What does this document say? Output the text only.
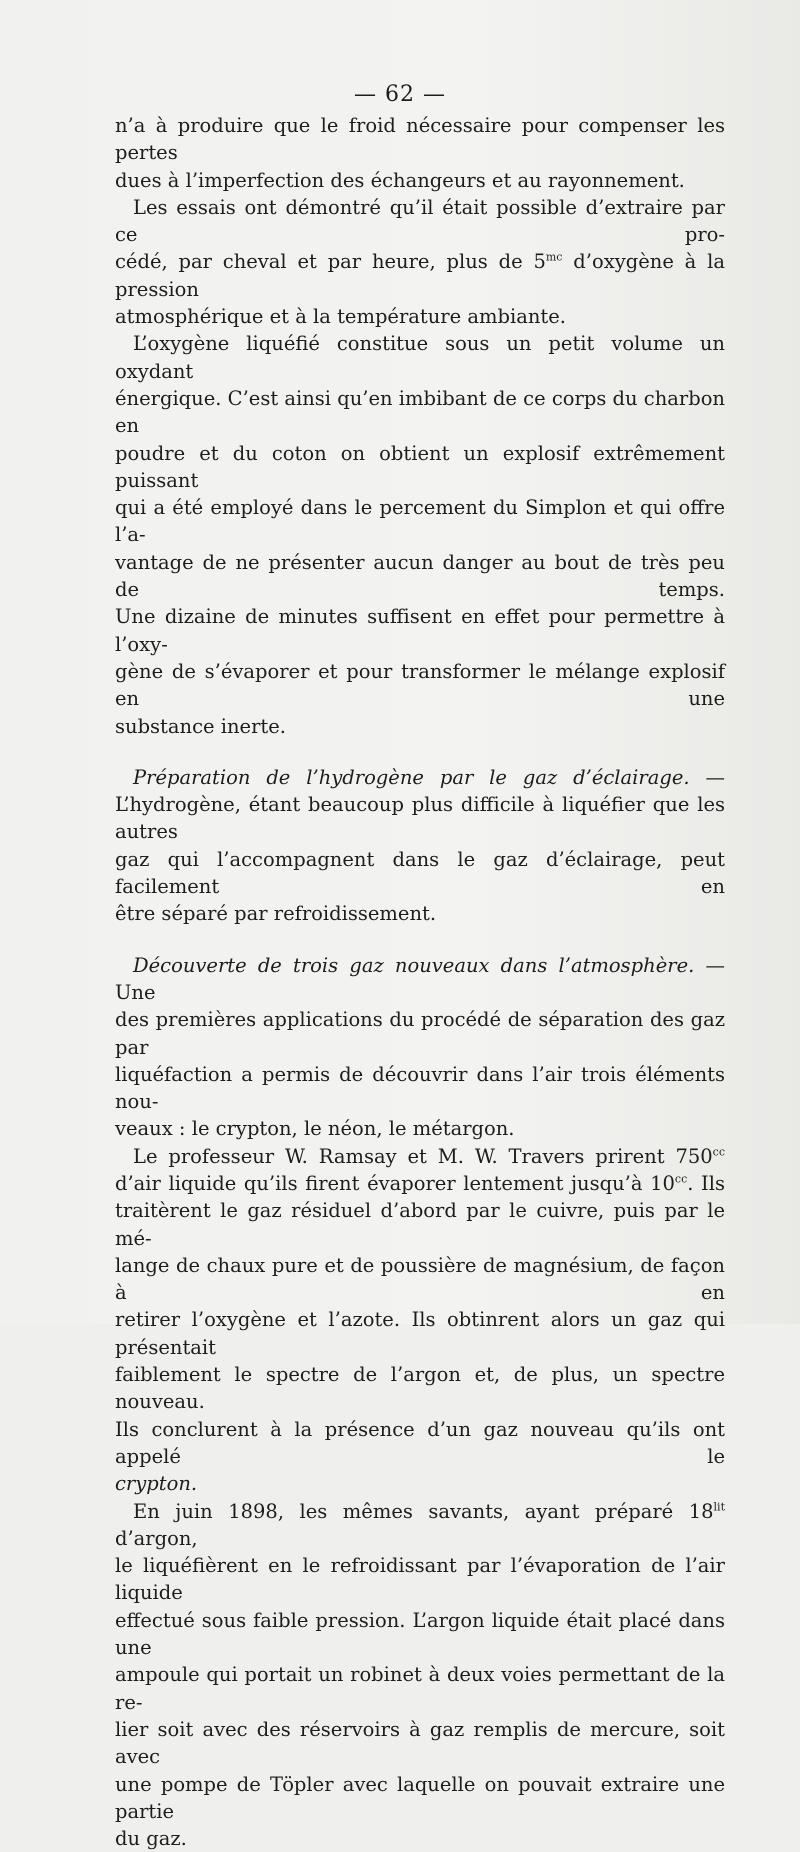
— 62 —

n’a à produire que le froid nécessaire pour compenser les pertes

dues à l’imperfection des échangeurs et au rayonnement.

Les essais ont démontré qu’il était possible d’extraire par ce pro-

cédé, par cheval et par heure, plus de $5^{mc}$ d’oxygène à la pression

atmosphérique et à la température ambiante.

L’oxygène liquéfié constitue sous un petit volume un oxydant

énergique. C’est ainsi qu’en imbibant de ce corps du charbon en

poudre et du coton on obtient un explosif extrêmement puissant

qui a été employé dans le percement du Simplon et qui offre l’a-

vantage de ne présenter aucun danger au bout de très peu de temps.

Une dizaine de minutes suffisent en effet pour permettre à l’oxy-

gène de s’évaporer et pour transformer le mélange explosif en une

substance inerte.

Préparation de l’hydrogène par le gaz d’éclairage. —

L’hydrogène, étant beaucoup plus difficile à liquéfier que les autres

gaz qui l’accompagnent dans le gaz d’éclairage, peut facilement en

être séparé par refroidissement.

Découverte de trois gaz nouveaux dans l’atmosphère. — Une

des premières applications du procédé de séparation des gaz par

liquéfaction a permis de découvrir dans l’air trois éléments nou-

veaux : le crypton, le néon, le métargon.

Le professeur W. Ramsay et M. W. Travers prirent $750^{cc}$

d’air liquide qu’ils firent évaporer lentement jusqu’à $10^{cc}$. Ils

traitèrent le gaz résiduel d’abord par le cuivre, puis par le mé-

lange de chaux pure et de poussière de magnésium, de façon à en

retirer l’oxygène et l’azote. Ils obtinrent alors un gaz qui présentait

faiblement le spectre de l’argon et, de plus, un spectre nouveau.

Ils conclurent à la présence d’un gaz nouveau qu’ils ont appelé le

crypton.

En juin 1898, les mêmes savants, ayant préparé $18^{lit}$ d’argon,

le liquéfièrent en le refroidissant par l’évaporation de l’air liquide

effectué sous faible pression. L’argon liquide était placé dans une

ampoule qui portait un robinet à deux voies permettant de la re-

lier soit avec des réservoirs à gaz remplis de mercure, soit avec

une pompe de Töpler avec laquelle on pouvait extraire une partie

du gaz.
